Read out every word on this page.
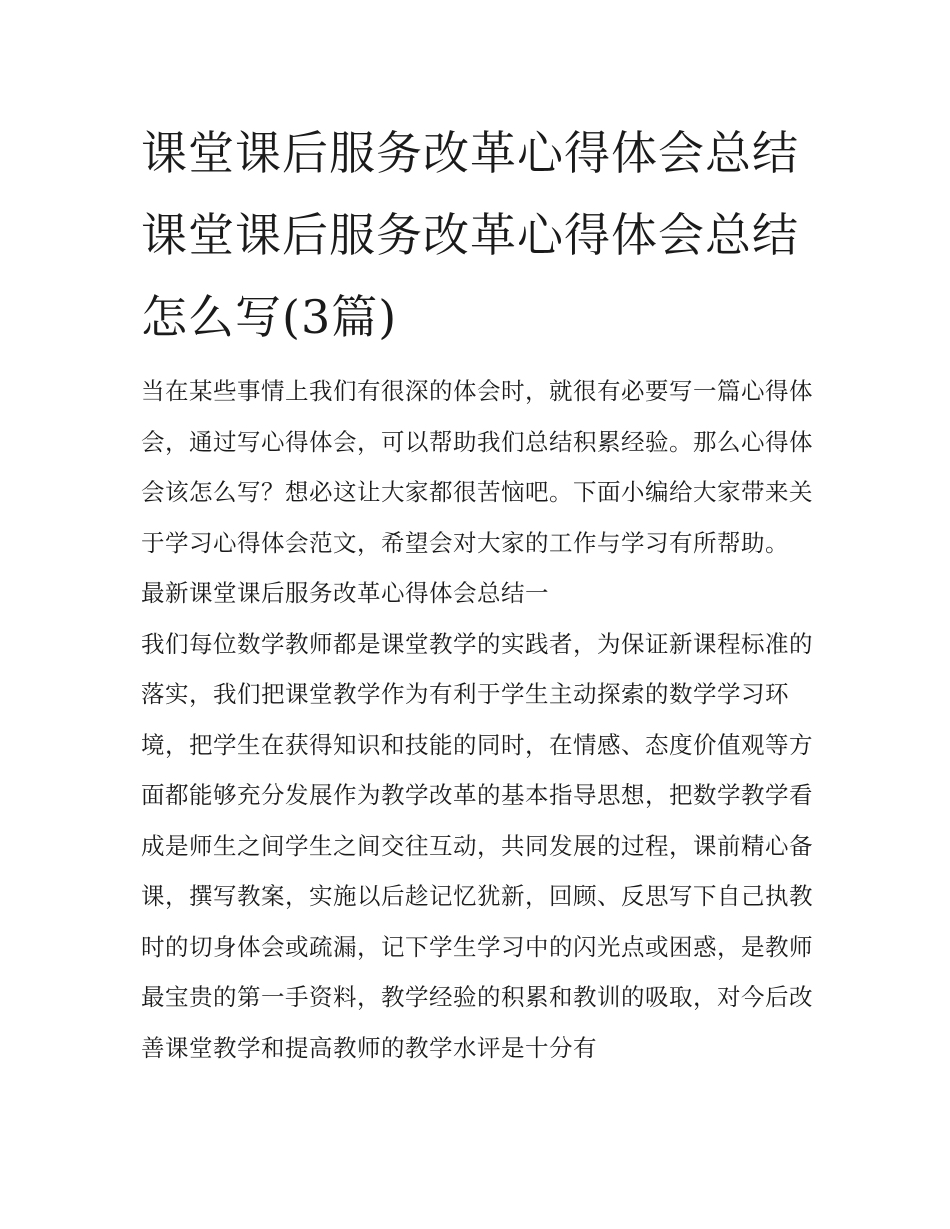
课堂课后服务改革心得体会总结 课堂课后服务改革心得体会总结怎么写(3篇)

当在某些事情上我们有很深的体会时，就很有必要写一篇心得体会，通过写心得体会，可以帮助我们总结积累经验。那么心得体会该怎么写？想必这让大家都很苦恼吧。下面小编给大家带来关于学习心得体会范文，希望会对大家的工作与学习有所帮助。

最新课堂课后服务改革心得体会总结一

我们每位数学教师都是课堂教学的实践者，为保证新课程标准的落实，我们把课堂教学作为有利于学生主动探索的数学学习环境，把学生在获得知识和技能的同时，在情感、态度价值观等方面都能够充分发展作为教学改革的基本指导思想，把数学教学看成是师生之间学生之间交往互动，共同发展的过程，课前精心备课，撰写教案，实施以后趁记忆犹新，回顾、反思写下自己执教时的切身体会或疏漏，记下学生学习中的闪光点或困惑，是教师最宝贵的第一手资料，教学经验的积累和教训的吸取，对今后改善课堂教学和提高教师的教学水评是十分有
